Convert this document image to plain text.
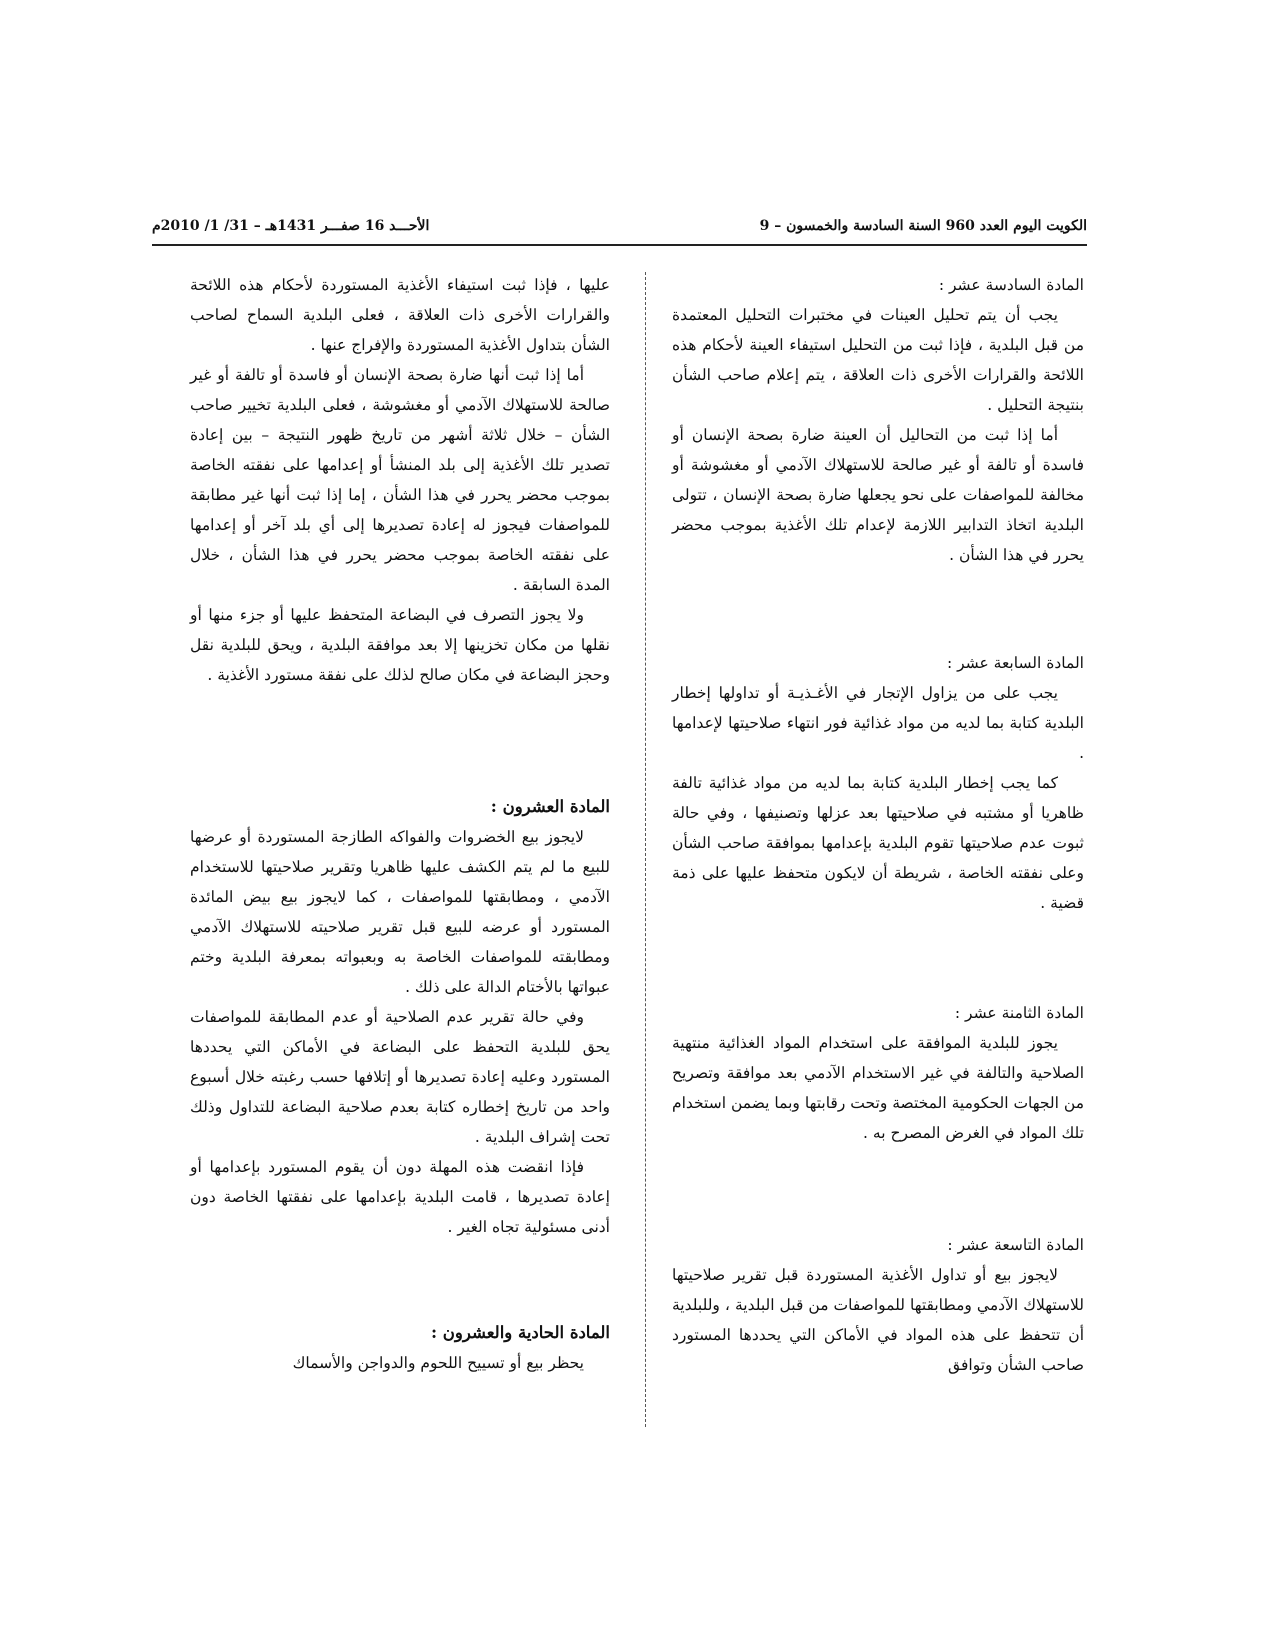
الكويت اليوم العدد 960 السنة السادسة والخمسون – 9
الأحـــد 16 صفـــر 1431هـ – 31/ 1/ 2010م
المادة السادسة عشر :

يجب أن يتم تحليل العينات في مختبرات التحليل المعتمدة من قبل البلدية ، فإذا ثبت من التحليل استيفاء العينة لأحكام هذه اللائحة والقرارات الأخرى ذات العلاقة ، يتم إعلام صاحب الشأن بنتيجة التحليل .

أما إذا ثبت من التحاليل أن العينة ضارة بصحة الإنسان أو فاسدة أو تالفة أو غير صالحة للاستهلاك الآدمي أو مغشوشة أو مخالفة للمواصفات على نحو يجعلها ضارة بصحة الإنسان ، تتولى البلدية اتخاذ التدابير اللازمة لإعدام تلك الأغذية بموجب محضر يحرر في هذا الشأن .

المادة السابعة عشر :

يجب على من يزاول الإتجار في الأغـذيـة أو تداولها إخطار البلدية كتابة بما لديه من مواد غذائية فور انتهاء صلاحيتها لإعدامها .

كما يجب إخطار البلدية كتابة بما لديه من مواد غذائية تالفة ظاهريا أو مشتبه في صلاحيتها بعد عزلها وتصنيفها ، وفي حالة ثبوت عدم صلاحيتها تقوم البلدية بإعدامها بموافقة صاحب الشأن وعلى نفقته الخاصة ، شريطة أن لايكون متحفظ عليها على ذمة قضية .

المادة الثامنة عشر :

يجوز للبلدية الموافقة على استخدام المواد الغذائية منتهية الصلاحية والتالفة في غير الاستخدام الآدمي بعد موافقة وتصريح من الجهات الحكومية المختصة وتحت رقابتها وبما يضمن استخدام تلك المواد في الغرض المصرح به .

المادة التاسعة عشر :

لايجوز بيع أو تداول الأغذية المستوردة قبل تقرير صلاحيتها للاستهلاك الآدمي ومطابقتها للمواصفات من قبل البلدية ، وللبلدية أن تتحفظ على هذه المواد في الأماكن التي يحددها المستورد صاحب الشأن وتوافق

عليها ، فإذا ثبت استيفاء الأغذية المستوردة لأحكام هذه اللائحة والقرارات الأخرى ذات العلاقة ، فعلى البلدية السماح لصاحب الشأن بتداول الأغذية المستوردة والإفراج عنها .

أما إذا ثبت أنها ضارة بصحة الإنسان أو فاسدة أو تالفة أو غير صالحة للاستهلاك الآدمي أو مغشوشة ، فعلى البلدية تخيير صاحب الشأن – خلال ثلاثة أشهر من تاريخ ظهور النتيجة – بين إعادة تصدير تلك الأغذية إلى بلد المنشأ أو إعدامها على نفقته الخاصة بموجب محضر يحرر في هذا الشأن ، إما إذا ثبت أنها غير مطابقة للمواصفات فيجوز له إعادة تصديرها إلى أي بلد آخر أو إعدامها على نفقته الخاصة بموجب محضر يحرر في هذا الشأن ، خلال المدة السابقة .

ولا يجوز التصرف في البضاعة المتحفظ عليها أو جزء منها أو نقلها من مكان تخزينها إلا بعد موافقة البلدية ، ويحق للبلدية نقل وحجز البضاعة في مكان صالح لذلك على نفقة مستورد الأغذية .

المادة العشرون :

لايجوز بيع الخضروات والفواكه الطازجة المستوردة أو عرضها للبيع ما لم يتم الكشف عليها ظاهريا وتقرير صلاحيتها للاستخدام الآدمي ، ومطابقتها للمواصفات ، كما لايجوز بيع بيض المائدة المستورد أو عرضه للبيع قبل تقرير صلاحيته للاستهلاك الآدمي ومطابقته للمواصفات الخاصة به وبعبواته بمعرفة البلدية وختم عبواتها بالأختام الدالة على ذلك .

وفي حالة تقرير عدم الصلاحية أو عدم المطابقة للمواصفات يحق للبلدية التحفظ على البضاعة في الأماكن التي يحددها المستورد وعليه إعادة تصديرها أو إتلافها حسب رغبته خلال أسبوع واحد من تاريخ إخطاره كتابة بعدم صلاحية البضاعة للتداول وذلك تحت إشراف البلدية .

فإذا انقضت هذه المهلة دون أن يقوم المستورد بإعدامها أو إعادة تصديرها ، قامت البلدية بإعدامها على نفقتها الخاصة دون أدنى مسئولية تجاه الغير .

المادة الحادية والعشرون :

يحظر بيع أو تسييح اللحوم والدواجن والأسماك
